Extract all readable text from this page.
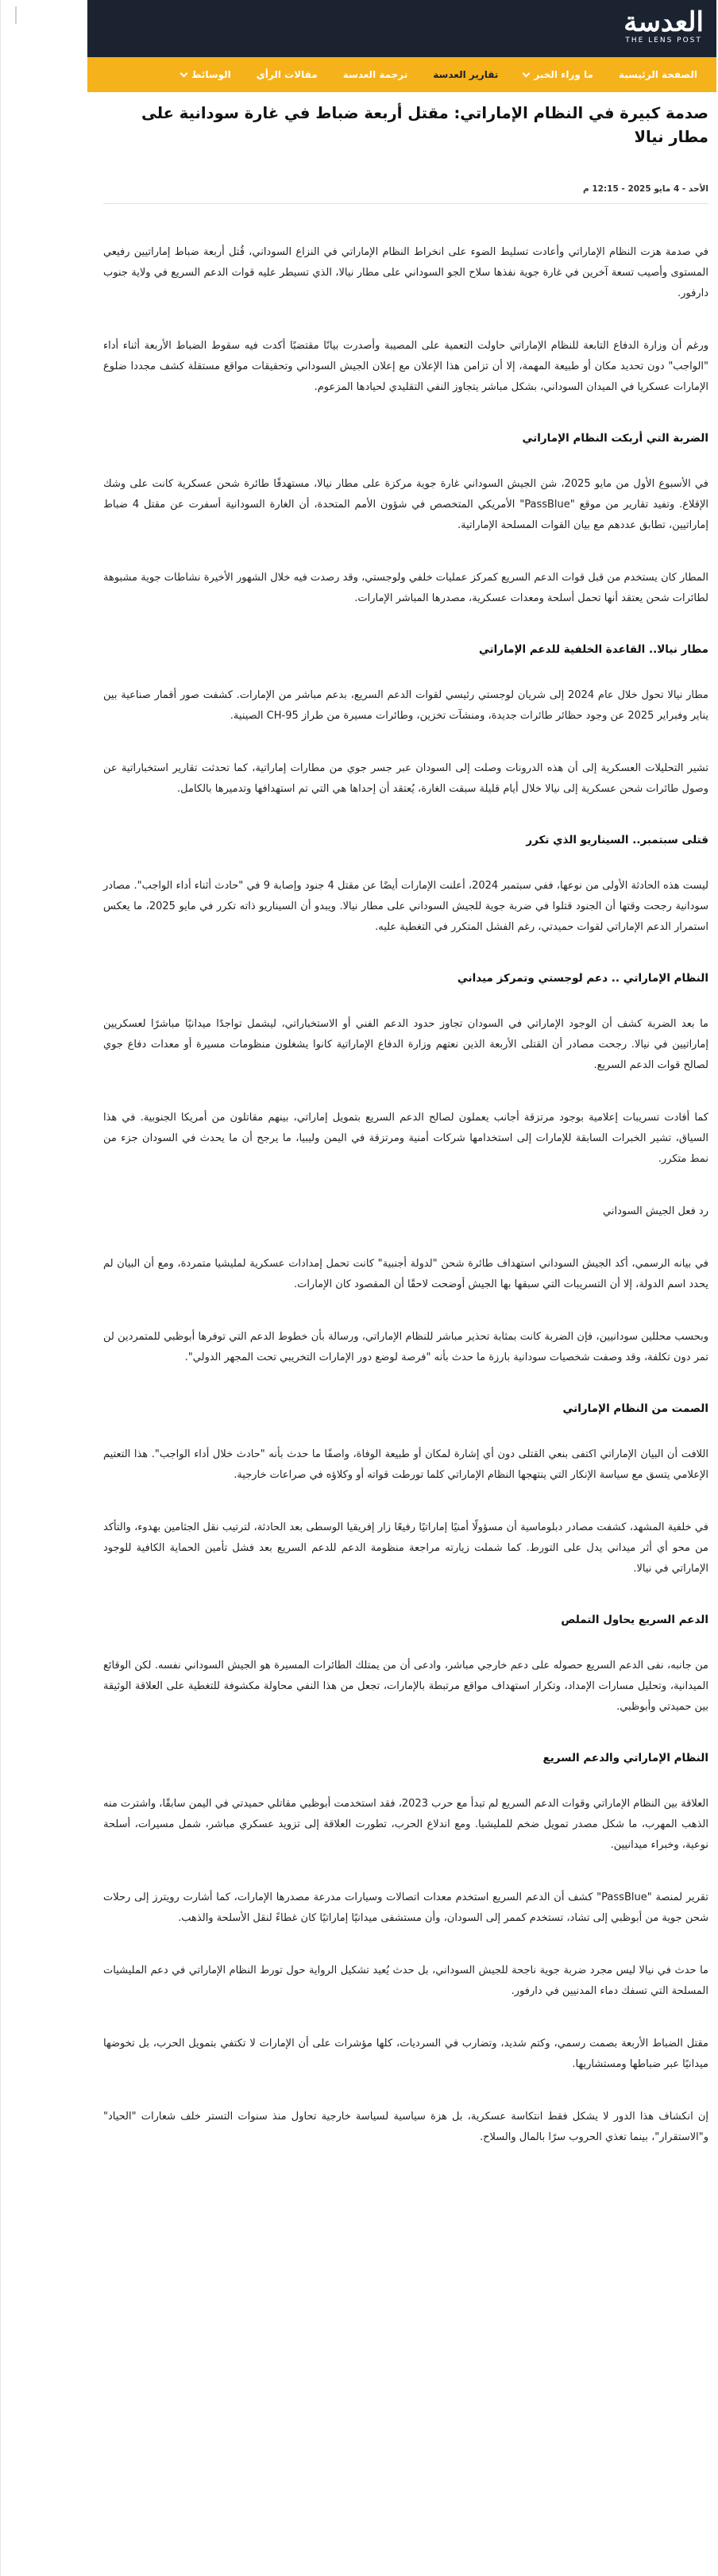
العدسة
THE LENS POST
الصفحة الرئيسية
ما وراء الخبر
تقارير العدسة
ترجمة العدسة
مقالات الرأي
الوسائط
صدمة كبيرة في النظام الإماراتي: مقتل أربعة ضباط في غارة سودانية على مطار نيالا
الأحد - 4 مايو 2025 - 12:15 م

في صدمة هزت النظام الإماراتي وأعادت تسليط الضوء على انخراط النظام الإماراتي في النزاع السوداني، قُتل أربعة ضباط إماراتيين رفيعي المستوى وأصيب تسعة آخرين في غارة جوية نفذها سلاح الجو السوداني على مطار نيالا، الذي تسيطر عليه قوات الدعم السريع في ولاية جنوب دارفور.

ورغم أن وزارة الدفاع التابعة للنظام الإماراتي حاولت التعمية على المصيبة وأصدرت بيانًا مقتضبًا أكدت فيه سقوط الضباط الأربعة أثناء أداء "الواجب" دون تحديد مكان أو طبيعة المهمة، إلا أن تزامن هذا الإعلان مع إعلان الجيش السوداني وتحقيقات مواقع مستقلة كشف مجددا ضلوع الإمارات عسكريا في الميدان السوداني، بشكل مباشر يتجاوز النفي التقليدي لحيادها المزعوم.

الضربة التي أربكت النظام الإماراتي

في الأسبوع الأول من مايو 2025، شن الجيش السوداني غارة جوية مركزة على مطار نيالا، مستهدفًا طائرة شحن عسكرية كانت على وشك الإقلاع. وتفيد تقارير من موقع "PassBlue" الأمريكي المتخصص في شؤون الأمم المتحدة، أن الغارة السودانية أسفرت عن مقتل 4 ضباط إماراتيين، تطابق عددهم مع بيان القوات المسلحة الإماراتية.

المطار كان يستخدم من قبل قوات الدعم السريع كمركز عمليات خلفي ولوجستي، وقد رصدت فيه خلال الشهور الأخيرة نشاطات جوية مشبوهة لطائرات شحن يعتقد أنها تحمل أسلحة ومعدات عسكرية، مصدرها المباشر الإمارات.

مطار نيالا.. القاعدة الخلفية للدعم الإماراتي

مطار نيالا تحول خلال عام 2024 إلى شريان لوجستي رئيسي لقوات الدعم السريع، بدعم مباشر من الإمارات. كشفت صور أقمار صناعية بين يناير وفبراير 2025 عن وجود حظائر طائرات جديدة، ومنشآت تخزين، وطائرات مسيرة من طراز CH-95 الصينية.

تشير التحليلات العسكرية إلى أن هذه الدرونات وصلت إلى السودان عبر جسر جوي من مطارات إماراتية، كما تحدثت تقارير استخباراتية عن وصول طائرات شحن عسكرية إلى نيالا خلال أيام قليلة سبقت الغارة، يُعتقد أن إحداها هي التي تم استهدافها وتدميرها بالكامل.

قتلى سبتمبر.. السيناريو الذي تكرر

ليست هذه الحادثة الأولى من نوعها، ففي سبتمبر 2024، أعلنت الإمارات أيضًا عن مقتل 4 جنود وإصابة 9 في "حادث أثناء أداء الواجب". مصادر سودانية رجحت وقتها أن الجنود قتلوا في ضربة جوية للجيش السوداني على مطار نيالا. ويبدو أن السيناريو ذاته تكرر في مايو 2025، ما يعكس استمرار الدعم الإماراتي لقوات حميدتي، رغم الفشل المتكرر في التغطية عليه.

النظام الإماراتي .. دعم لوجستي وتمركز ميداني

ما بعد الضربة كشف أن الوجود الإماراتي في السودان تجاوز حدود الدعم الفني أو الاستخباراتي، ليشمل تواجدًا ميدانيًا مباشرًا لعسكريين إماراتيين في نيالا. رجحت مصادر أن القتلى الأربعة الذين نعتهم وزارة الدفاع الإماراتية كانوا يشغلون منظومات مسيرة أو معدات دفاع جوي لصالح قوات الدعم السريع.

كما أفادت تسريبات إعلامية بوجود مرتزقة أجانب يعملون لصالح الدعم السريع بتمويل إماراتي، بينهم مقاتلون من أمريكا الجنوبية. في هذا السياق، تشير الخبرات السابقة للإمارات إلى استخدامها شركات أمنية ومرتزقة في اليمن وليبيا، ما يرجح أن ما يحدث في السودان جزء من نمط متكرر.

رد فعل الجيش السوداني

في بيانه الرسمي، أكد الجيش السوداني استهداف طائرة شحن "لدولة أجنبية" كانت تحمل إمدادات عسكرية لمليشيا متمردة، ومع أن البيان لم يحدد اسم الدولة، إلا أن التسريبات التي سبقها بها الجيش أوضحت لاحقًا أن المقصود كان الإمارات.

وبحسب محللين سودانيين، فإن الضربة كانت بمثابة تحذير مباشر للنظام الإماراتي، ورسالة بأن خطوط الدعم التي توفرها أبوظبي للمتمردين لن تمر دون تكلفة، وقد وصفت شخصيات سودانية بارزة ما حدث بأنه "فرصة لوضع دور الإمارات التخريبي تحت المجهر الدولي".

الصمت من النظام الإماراتي

اللافت أن البيان الإماراتي اكتفى بنعي القتلى دون أي إشارة لمكان أو طبيعة الوفاة، واصفًا ما حدث بأنه "حادث خلال أداء الواجب". هذا التعتيم الإعلامي يتسق مع سياسة الإنكار التي ينتهجها النظام الإماراتي كلما تورطت قواته أو وكلاؤه في صراعات خارجية.

في خلفية المشهد، كشفت مصادر دبلوماسية أن مسؤولًا أمنيًا إماراتيًا رفيعًا زار إفريقيا الوسطى بعد الحادثة، لترتيب نقل الجثامين بهدوء، والتأكد من محو أي أثر ميداني يدل على التورط. كما شملت زيارته مراجعة منظومة الدعم للدعم السريع بعد فشل تأمين الحماية الكافية للوجود الإماراتي في نيالا.

الدعم السريع يحاول التملص

من جانبه، نفى الدعم السريع حصوله على دعم خارجي مباشر، وادعى أن من يمتلك الطائرات المسيرة هو الجيش السوداني نفسه. لكن الوقائع الميدانية، وتحليل مسارات الإمداد، وتكرار استهداف مواقع مرتبطة بالإمارات، تجعل من هذا النفي محاولة مكشوفة للتغطية على العلاقة الوثيقة بين حميدتي وأبوظبي.

النظام الإماراتي والدعم السريع

العلاقة بين النظام الإماراتي وقوات الدعم السريع لم تبدأ مع حرب 2023، فقد استخدمت أبوظبي مقاتلي حميدتي في اليمن سابقًا، واشترت منه الذهب المهرب، ما شكل مصدر تمويل ضخم للمليشيا. ومع اندلاع الحرب، تطورت العلاقة إلى تزويد عسكري مباشر، شمل مسيرات، أسلحة نوعية، وخبراء ميدانيين.

تقرير لمنصة "PassBlue" كشف أن الدعم السريع استخدم معدات اتصالات وسيارات مدرعة مصدرها الإمارات، كما أشارت رويترز إلى رحلات شحن جوية من أبوظبي إلى تشاد، تستخدم كممر إلى السودان، وأن مستشفى ميدانيًا إماراتيًا كان غطاءً لنقل الأسلحة والذهب.

ما حدث في نيالا ليس مجرد ضربة جوية ناجحة للجيش السوداني، بل حدث يُعيد تشكيل الرواية حول تورط النظام الإماراتي في دعم المليشيات المسلحة التي تسفك دماء المدنيين في دارفور.

مقتل الضباط الأربعة بصمت رسمي، وكتم شديد، وتضارب في السرديات، كلها مؤشرات على أن الإمارات لا تكتفي بتمويل الحرب، بل تخوضها ميدانيًا عبر ضباطها ومستشاريها.

إن انكشاف هذا الدور لا يشكل فقط انتكاسة عسكرية، بل هزة سياسية لسياسة خارجية تحاول منذ سنوات التستر خلف شعارات "الحياد" و"الاستقرار"، بينما تغذي الحروب سرًا بالمال والسلاح.
